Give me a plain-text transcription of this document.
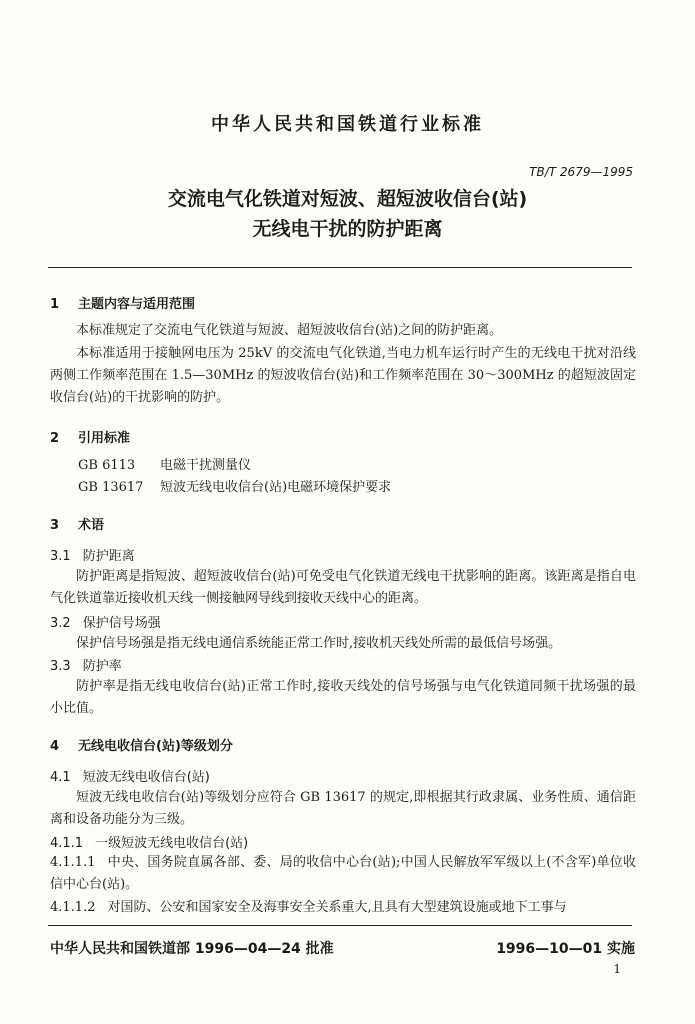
中华人民共和国铁道行业标准
TB/T 2679—1995
交流电气化铁道对短波、超短波收信台(站)
无线电干扰的防护距离
1 主题内容与适用范围
本标准规定了交流电气化铁道与短波、超短波收信台(站)之间的防护距离。
本标准适用于接触网电压为 25kV 的交流电气化铁道,当电力机车运行时产生的无线电干扰对沿线两侧工作频率范围在 1.5—30MHz 的短波收信台(站)和工作频率范围在 30～300MHz 的超短波固定收信台(站)的干扰影响的防护。
2 引用标准
GB 6113 电磁干扰测量仪
GB 13617 短波无线电收信台(站)电磁环境保护要求
3 术语
3.1 防护距离
防护距离是指短波、超短波收信台(站)可免受电气化铁道无线电干扰影响的距离。该距离是指自电气化铁道靠近接收机天线一侧接触网导线到接收天线中心的距离。
3.2 保护信号场强
保护信号场强是指无线电通信系统能正常工作时,接收机天线处所需的最低信号场强。
3.3 防护率
防护率是指无线电收信台(站)正常工作时,接收天线处的信号场强与电气化铁道同频干扰场强的最小比值。
4 无线电收信台(站)等级划分
4.1 短波无线电收信台(站)
短波无线电收信台(站)等级划分应符合 GB 13617 的规定,即根据其行政隶属、业务性质、通信距离和设备功能分为三级。
4.1.1 一级短波无线电收信台(站)
4.1.1.1 中央、国务院直属各部、委、局的收信中心台(站);中国人民解放军军级以上(不含军)单位收信中心台(站)。
4.1.1.2 对国防、公安和国家安全及海事安全关系重大,且具有大型建筑设施或地下工事与
中华人民共和国铁道部 1996—04—24 批准	1996—10—01 实施
1
